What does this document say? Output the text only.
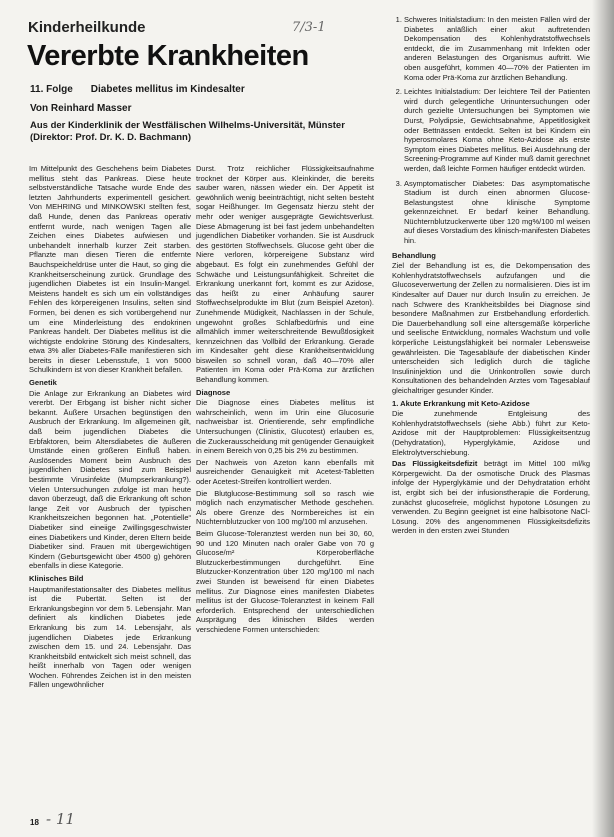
Kinderheilkunde	7/3-1
Vererbte Krankheiten
11. Folge Diabetes mellitus im Kindesalter
Von Reinhard Masser
Aus der Kinderklinik der Westfälischen Wilhelms-Universität, Münster (Direktor: Prof. Dr. K. D. Bachmann)

Im Mittelpunkt des Geschehens beim Diabetes mellitus steht das Pankreas. Diese heute selbstverständliche Tatsache wurde Ende des letzten Jahrhunderts experimentell gesichert. Von MEHRING und MINKOWSKI stellten fest, daß Hunde, denen das Pankreas operativ entfernt wurde, nach wenigen Tagen alle Zeichen eines Diabetes aufwiesen und unbehandelt innerhalb kurzer Zeit starben. Pflanzte man diesen Tieren die entfernte Bauchspeicheldrüse unter die Haut, so ging die Krankheitserscheinung zurück. Grundlage des jugendlichen Diabetes ist ein Insulin-Mangel. Meistens handelt es sich um ein vollständiges Fehlen des körpereigenen Insulins, selten sind Formen, bei denen es sich vorübergehend nur um eine Minderleistung des endokrinen Pankreas handelt. Der Diabetes mellitus ist die wichtigste endokrine Störung des Kindesalters, etwa 3% aller Diabetes-Fälle manifestieren sich bereits in dieser Lebensstufe, 1 von 5000 Schulkindern ist von dieser Krankheit befallen.

Genetik

Die Anlage zur Erkrankung an Diabetes wird vererbt. Der Erbgang ist bisher nicht sicher bekannt. Äußere Ursachen begünstigen den Ausbruch der Erkrankung. Im allgemeinen gilt, daß beim jugendlichen Diabetes die Erbfaktoren, beim Altersdiabetes die äußeren Umstände einen größeren Einfluß haben. Auslösendes Moment beim Ausbruch des jugendlichen Diabetes sind zum Beispiel bestimmte Virusinfekte (Mumpserkrankung?). Vielen Untersuchungen zufolge ist man heute davon überzeugt, daß die Erkrankung oft schon lange Zeit vor Ausbruch der typischen Krankheitszeichen begonnen hat. „Potentielle“ Diabetiker sind eineiige Zwillingsgeschwister eines Diabetikers und Kinder, deren Eltern beide Diabetiker sind. Frauen mit übergewichtigen Kindern (Geburtsgewicht über 4500 g) gehören ebenfalls in diese Kategorie.

Klinisches Bild

Hauptmanifestationsalter des Diabetes mellitus ist die Pubertät. Selten ist der Erkrankungsbeginn vor dem 5. Lebensjahr. Man definiert als kindlichen Diabetes jede Erkrankung bis zum 14. Lebensjahr, als jugendlichen Diabetes jede Erkrankung zwischen dem 15. und 24. Lebensjahr. Das Krankheitsbild entwickelt sich meist schnell, das heißt innerhalb von Tagen oder wenigen Wochen. Führendes Zeichen ist in den meisten Fällen ungewöhnlicher

Durst. Trotz reichlicher Flüssigkeitsaufnahme trocknet der Körper aus. Kleinkinder, die bereits sauber waren, nässen wieder ein. Der Appetit ist gewöhnlich wenig beeinträchtigt, nicht selten besteht sogar Heißhunger. Im Gegensatz hierzu steht der mehr oder weniger ausgeprägte Gewichtsverlust. Diese Abmagerung ist bei fast jedem unbehandelten jugendlichen Diabetiker vorhanden. Sie ist Ausdruck des gestörten Stoffwechsels. Glucose geht über die Niere verloren, körpereigene Substanz wird abgebaut. Es folgt ein zunehmendes Gefühl der Schwäche und Leistungsunfähigkeit. Schreitet die Erkrankung unerkannt fort, kommt es zur Azidose, das heißt zu einer Anhäufung saurer Stoffwechselprodukte im Blut (zum Beispiel Azeton). Zunehmende Müdigkeit, Nachlassen in der Schule, ungewohnt großes Schlafbedürfnis und eine allmählich immer weiterschreitende Bewußtlosigkeit kennzeichnen das Vollbild der Erkrankung. Gerade im Kindesalter geht diese Krankheitsentwicklung bisweilen so schnell voran, daß 40—70% aller Patienten im Koma oder Prä-Koma zur ärztlichen Behandlung kommen.

Diagnose

Die Diagnose eines Diabetes mellitus ist wahrscheinlich, wenn im Urin eine Glucosurie nachweisbar ist. Orientierende, sehr empfindliche Untersuchungen (Clinistix, Glucotest) erlauben es, die Zuckerausscheidung mit genügender Genauigkeit in einem Bereich von 0,25 bis 2% zu bestimmen.

Der Nachweis von Azeton kann ebenfalls mit ausreichender Genauigkeit mit Acetest-Tabletten oder Acetest-Streifen kontrolliert werden.

Die Blutglucose-Bestimmung soll so rasch wie möglich nach enzymatischer Methode geschehen. Als obere Grenze des Normbereiches ist ein Nüchternblutzucker von 100 mg/100 ml anzusehen.

Beim Glucose-Toleranztest werden nun bei 30, 60, 90 und 120 Minuten nach oraler Gabe von 70 g Glucose/m² Körperoberfläche Blutzuckerbestimmungen durchgeführt. Eine Blutzucker-Konzentration über 120 mg/100 ml nach zwei Stunden ist beweisend für einen Diabetes mellitus. Zur Diagnose eines manifesten Diabetes mellitus ist der Glucose-Toleranztest in keinem Fall erforderlich. Entsprechend der unterschiedlichen Ausprägung des klinischen Bildes werden verschiedene Formen unterschieden:

1. Schweres Initialstadium: In den meisten Fällen wird der Diabetes anläßlich einer akut auftretenden Dekompensation des Kohlenhydratstoffwechsels entdeckt, die im Zusammenhang mit Infekten oder anderen Belastungen des Organismus auftritt. Wie oben ausgeführt, kommen 40—70% der Patienten im Koma oder Prä-Koma zur ärztlichen Behandlung.
2. Leichtes Initialstadium: Der leichtere Teil der Patienten wird durch gelegentliche Urinuntersuchungen oder durch gezielte Untersuchungen bei Symptomen wie Durst, Polydipsie, Gewichtsabnahme, Appetitlosigkeit oder Bettnässen entdeckt. Selten ist bei Kindern ein hyperosmolares Koma ohne Keto-Azidose als erste Symptom eines Diabetes mellitus. Bei Ausdehnung der Screening-Programme auf Kinder muß damit gerechnet werden, daß leichte Formen häufiger entdeckt würden.
3. Asymptomatischer Diabetes: Das asymptomatische Stadium ist durch einen abnormen Glucose-Belastungstest ohne klinische Symptome gekennzeichnet. Er bedarf keiner Behandlung. Nüchternblutzuckerwerte über 120 mg%/100 ml weisen auf dieses Vorstadium des klinisch-manifesten Diabetes hin.
Behandlung

Ziel der Behandlung ist es, die Dekompensation des Kohlenhydratstoffwechsels aufzufangen und die Glucoseverwertung der Zellen zu normalisieren. Dies ist im Kindesalter auf Dauer nur durch Insulin zu erreichen. Je nach Schwere des Krankheitsbildes bei Diagnose sind besondere Maßnahmen zur Erstbehandlung erforderlich. Die Dauerbehandlung soll eine altersgemäße körperliche und seelische Entwicklung, normales Wachstum und volle körperliche Leistungsfähigkeit bei normaler Lebensweise gewährleisten. Die Tagesabläufe der diabetischen Kinder unterscheiden sich lediglich durch die tägliche Insulininjektion und die Urinkontrollen sowie durch Konsultationen des behandelnden Arztes vom Tagesablauf gleichaltriger gesunder Kinder.

1. Akute Erkrankung mit Keto-Azidose

Die zunehmende Entgleisung des Kohlenhydratstoffwechsels (siehe Abb.) führt zur Keto-Azidose mit der Hauptproblemen: Flüssigkeitsentzug (Dehydratation), Hyperglykämie, Azidose und Elektrolytverschiebung.

Das Flüssigkeitsdefizit beträgt im Mittel 100 ml/kg Körpergewicht. Da der osmotische Druck des Plasmas infolge der Hyperglykämie und der Dehydratation erhöht ist, ergibt sich bei der infusionstherapie die Forderung, zunächst glucosefreie, möglichst hypotone Lösungen zu verwenden. Zu Beginn geeignet ist eine halbisotone NaCl-Lösung. 20% des angenommenen Flüssigkeitsdefizits werden in den ersten zwei Stunden

18 - 11
